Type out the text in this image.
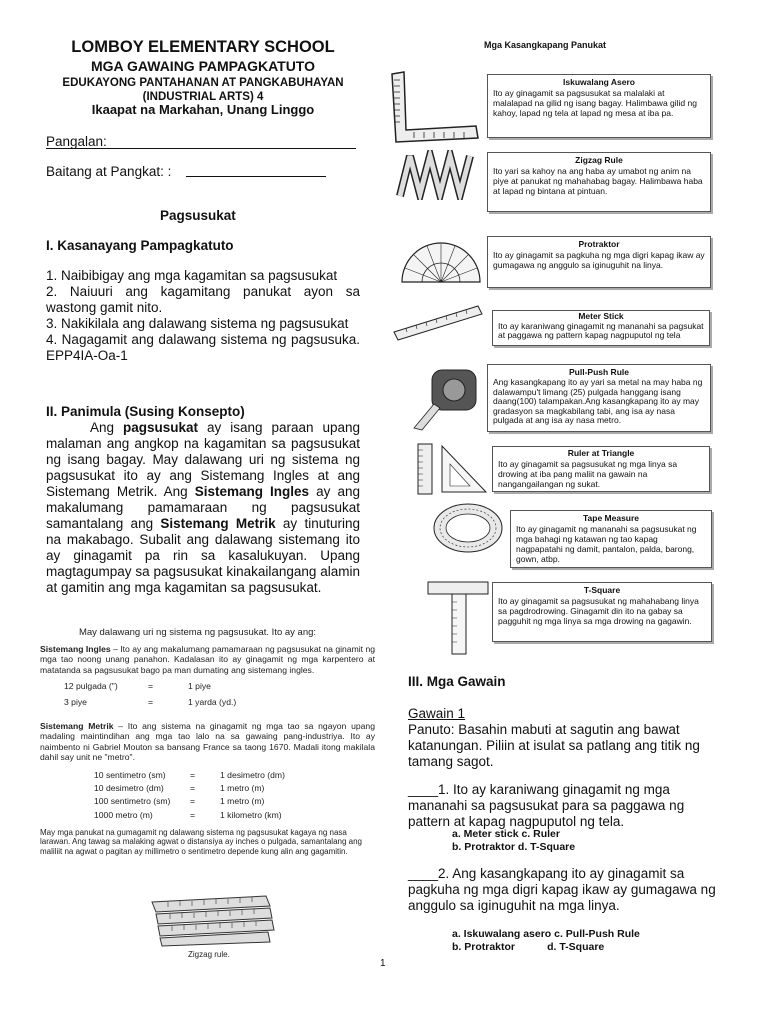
LOMBOY ELEMENTARY SCHOOL
MGA GAWAING PAMPAGKATUTO
EDUKAYONG PANTAHANAN AT PANGKABUHAYAN
(INDUSTRIAL ARTS) 4
Ikaapat na Markahan, Unang Linggo
Pangalan:
Baitang at Pangkat: :
Pagsusukat
I. Kasanayang Pampagkatuto
1. Naibibigay ang mga kagamitan sa pagsusukat
2. Naiuuri ang kagamitang panukat ayon sa wastong gamit nito.
3. Nakikilala ang dalawang sistema ng pagsusukat
4. Nagagamit ang dalawang sistema ng pagsusuka. EPP4IA-Oa-1
II. Panimula (Susing Konsepto)
Ang pagsusukat ay isang paraan upang malaman ang angkop na kagamitan sa pagsusukat ng isang bagay. May dalawang uri ng sistema ng pagsusukat ito ay ang Sistemang Ingles at ang Sistemang Metrik. Ang Sistemang Ingles ay ang makalumang pamamaraan ng pagsusukat samantalang ang Sistemang Metrik ay tinuturing na makabago. Subalit ang dalawang sistemang ito ay ginagamit pa rin sa kasalukuyan. Upang magtagumpay sa pagsusukat kinakailangang alamin at gamitin ang mga kagamitan sa pagsusukat.

May dalawang uri ng sistema ng pagsusukat. Ito ay ang:

Sistemang Ingles – Ito ay ang makalumang pamamaraan ng pagsusukat na ginamit ng mga tao noong unang panahon. Kadalasan ito ay ginagamit ng mga karpentero at matatanda sa pagsusukat bago pa man dumating ang sistemang ingles.

12 pulgada (")	=	1 piye
3 piye	=	1 yarda (yd.)

Sistemang Metrik – Ito ang sistema na ginagamit ng mga tao sa ngayon upang madaling maintindihan ang mga tao lalo na sa gawaing pang-industriya. Ito ay naimbento ni Gabriel Mouton sa bansang France sa taong 1670. Madali itong makilala dahil say unit ne "metro".

10 sentimetro (sm)	=	1 desimetro (dm)
10 desimetro (dm)	=	1 metro (m)
100 sentimetro (sm)	=	1 metro (m)
1000 metro (m)	=	1 kilometro (km)

May mga panukat na gumagamit ng dalawang sistema ng pagsusukat kagaya ng nasa larawan. Ang tawag sa malaking agwat o distansiya ay inches o pulgada, samantalang ang maliliit na agwat o pagitan ay millimetro o sentimetro depende kung alin ang gagamitin.

Zigzag rule.
Mga Kasangkapang Panukat
Iskuwalang Asero
Ito ay ginagamit sa pagsusukat sa malalaki at malalapad na gilid ng isang bagay. Halimbawa gilid ng kahoy, lapad ng tela at lapad ng mesa at iba pa.
Zigzag Rule
Ito yari sa kahoy na ang haba ay umabot ng anim na piye at panukat ng mahahabag bagay. Halimbawa haba at lapad ng bintana at pintuan.
Protraktor
Ito ay ginagamit sa pagkuha ng mga digri kapag ikaw ay gumagawa ng anggulo sa iginuguhit na linya.
Meter Stick
Ito ay karaniwang ginagamit ng mananahi sa pagsukat at paggawa ng pattern kapag nagpuputol ng tela
Pull-Push Rule
Ang kasangkapang ito ay yari sa metal na may haba ng dalawampu't limang (25) pulgada hanggang isang daang(100) talampakan.Ang kasangkapang ito ay may gradasyon sa magkabilang tabi, ang isa ay nasa pulgada at ang isa ay nasa metro.
Ruler at Triangle
Ito ay ginagamit sa pagsusukat ng mga linya sa drowing at iba pang maliit na gawain na nangangailangan ng sukat.
Tape Measure
Ito ay ginagamit ng mananahi sa pagsusukat ng mga bahagi ng katawan ng tao kapag nagpapatahi ng damit, pantalon, palda, barong, gown, atbp.
T-Square
Ito ay ginagamit sa pagsusukat ng mahahabang linya sa pagdrodrowing. Ginagamit din ito na gabay sa pagguhit ng mga linya sa mga drowing na gagawin.
III. Mga Gawain
Gawain 1
Panuto: Basahin mabuti at sagutin ang bawat katanungan. Piliin at isulat sa patlang ang titik ng tamang sagot.
____1. Ito ay karaniwang ginagamit ng mga mananahi sa pagsusukat para sa paggawa ng pattern at kapag nagpuputol ng tela.
a. Meter stick c. Ruler
b. Protraktor d. T-Square
____2. Ang kasangkapang ito ay ginagamit sa pagkuha ng mga digri kapag ikaw ay gumagawa ng anggulo sa iginuguhit na mga linya.
a. Iskuwalang asero c. Pull-Push Rule
b. Protraktor           d. T-Square
1
